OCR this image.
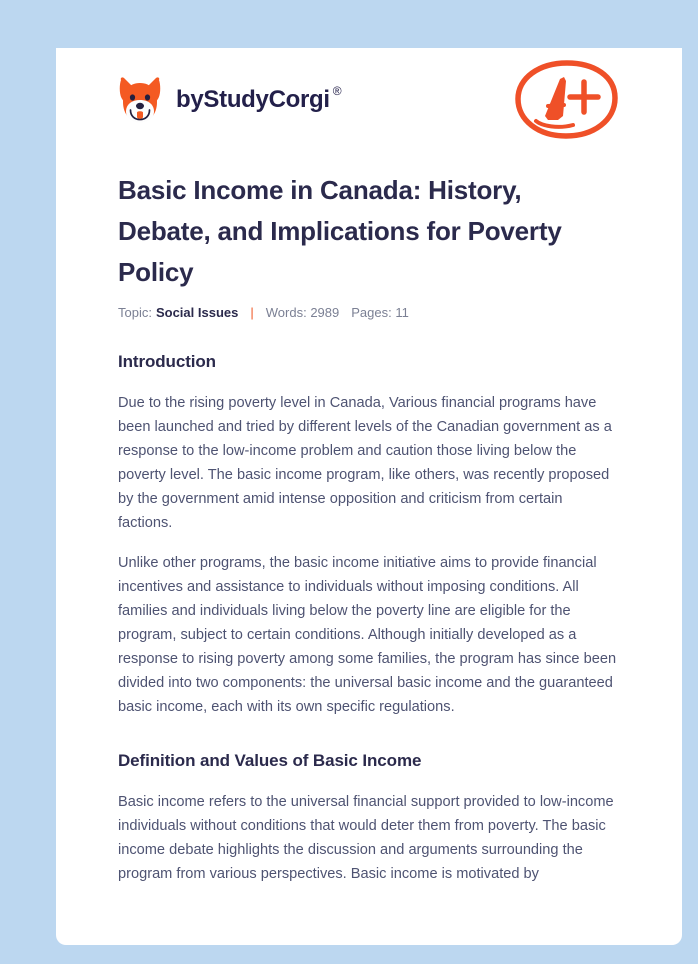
by StudyCorgi ®
Basic Income in Canada: History, Debate, and Implications for Poverty Policy
Topic: Social Issues | Words: 2989 Pages: 11
Introduction

Due to the rising poverty level in Canada, Various financial programs have been launched and tried by different levels of the Canadian government as a response to the low-income problem and caution those living below the poverty level. The basic income program, like others, was recently proposed by the government amid intense opposition and criticism from certain factions.

Unlike other programs, the basic income initiative aims to provide financial incentives and assistance to individuals without imposing conditions. All families and individuals living below the poverty line are eligible for the program, subject to certain conditions. Although initially developed as a response to rising poverty among some families, the program has since been divided into two components: the universal basic income and the guaranteed basic income, each with its own specific regulations.

Definition and Values of Basic Income

Basic income refers to the universal financial support provided to low-income individuals without conditions that would deter them from poverty. The basic income debate highlights the discussion and arguments surrounding the program from various perspectives. Basic income is motivated by
